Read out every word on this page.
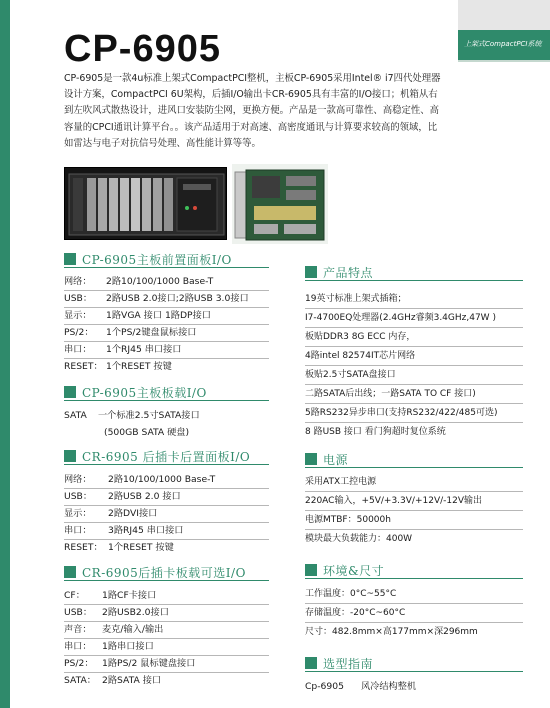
上架式CompactPCI系统
CP-6905

CP-6905是一款4u标准上架式CompactPCI整机，主板CP-6905采用Intel® i7四代处理器设计方案，CompactPCI 6U架构，后插I/O输出卡CR-6905具有丰富的I/O接口；机箱从右到左吹风式散热设计，进风口安装防尘网，更换方便。产品是一款高可靠性、高稳定性、高容量的CPCI通讯计算平台。。该产品适用于对高速、高密度通讯与计算要求较高的领域，比如雷达与电子对抗信号处理、高性能计算等等。

CP-6905主板前置面板I/O
网络： 2路10/100/1000 Base-T
USB： 2路USB 2.0接口;2路USB 3.0接口
显示： 1路VGA 接口 1路DP接口
PS/2： 1个PS/2键盘鼠标接口
串口： 1个RJ45 串口接口
RESET： 1个RESET 按键
CP-6905主板板载I/O
SATA 一个标准2.5寸SATA接口
(500GB SATA 硬盘)
CR-6905 后插卡后置面板I/O
网络： 2路10/100/1000 Base-T
USB： 2路USB 2.0 接口
显示： 2路DVI接口
串口： 3路RJ45 串口接口
RESET： 1个RESET 按键
CR-6905后插卡板载可选I/O
CF： 1路CF卡接口
USB： 2路USB2.0接口
声音： 麦克/输入/输出
串口： 1路串口接口
PS/2： 1路PS/2 鼠标键盘接口
SATA： 2路SATA 接口
产品特点
19英寸标准上架式插箱；
I7-4700EQ处理器(2.4GHz睿频3.4GHz,47W )
板贴DDR3 8G ECC 内存，
4路intel 82574IT芯片网络
板贴2.5寸SATA盘接口
二路SATA后出线；一路SATA TO CF 接口)
5路RS232异步串口(支持RS232/422/485可选)
8 路USB 接口 看门狗超时复位系统
电源
采用ATX工控电源
220AC输入，+5V/+3.3V/+12V/-12V输出
电源MTBF：50000h
模块最大负载能力：400W
环境&尺寸
工作温度：0°C~55°C
存储温度：-20°C~60°C
尺寸：482.8mm×高177mm×深296mm
选型指南
Cp-6905 风冷结构整机
